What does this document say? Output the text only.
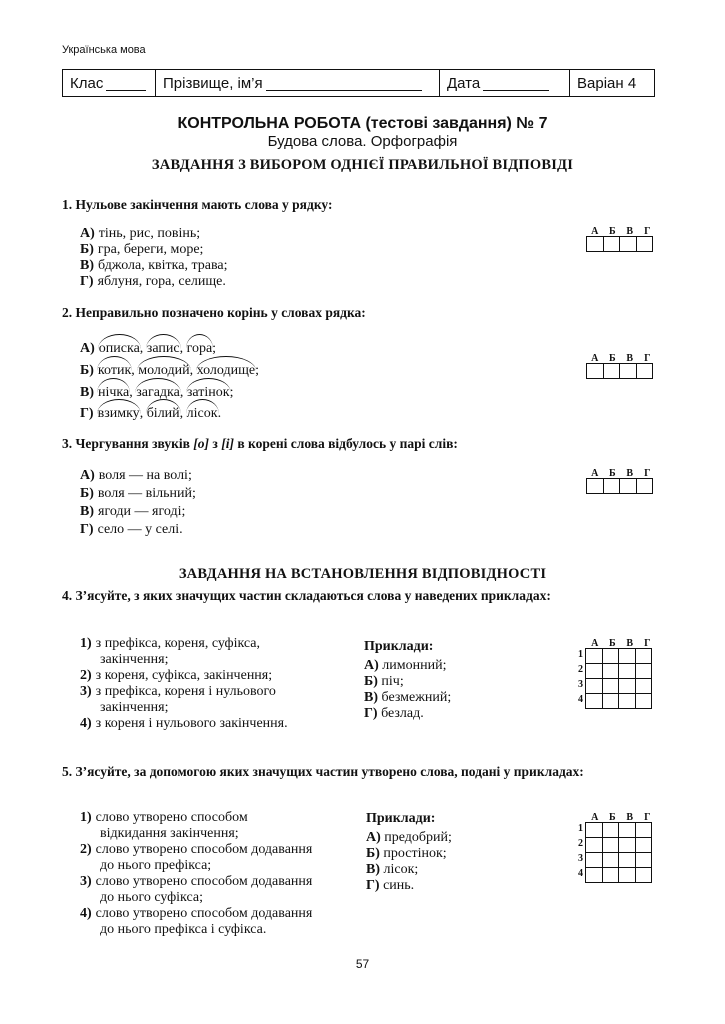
Українська мова
Клас	Прізвище, ім’я	Дата	Варіан 4
КОНТРОЛЬНА РОБОТА (тестові завдання) № 7
Будова слова. Орфографія
ЗАВДАННЯ З ВИБОРОМ ОДНІЄЇ ПРАВИЛЬНОЇ ВІДПОВІДІ
1. Нульове закінчення мають слова у рядку:
А) тінь, рис, повінь;
Б) гра, береги, море;
В) бджола, квітка, трава;
Г) яблуня, гора, селище.
А	Б	В	Г
2. Неправильно позначено корінь у словах рядка:
А) описка, запис, гора;
Б) котик, молодий, холодище;
В) нічка, загадка, затінок;
Г) взимку, білий, лісок.
А	Б	В	Г
3. Чергування звуків [о] з [і] в корені слова відбулось у парі слів:
А) воля — на волі;
Б) воля — вільний;
В) ягоди — ягоді;
Г) село — у селі.
А	Б	В	Г
ЗАВДАННЯ НА ВСТАНОВЛЕННЯ ВІДПОВІДНОСТІ
4. З’ясуйте, з яких значущих частин складаються слова у наведених прикладах:
1) з префікса, кореня, суфікса,
закінчення;
2) з кореня, суфікса, закінчення;
3) з префікса, кореня і нульового
закінчення;
4) з кореня і нульового закінчення.
Приклади:
А) лимонний;
Б) піч;
В) безмежний;
Г) безлад.
А	Б	В	Г
1
2
3
4
5. З’ясуйте, за допомогою яких значущих частин утворено слова, подані у прикладах:
1) слово утворено способом
відкидання закінчення;
2) слово утворено способом додавання
до нього префікса;
3) слово утворено способом додавання
до нього суфікса;
4) слово утворено способом додавання
до нього префікса і суфікса.
Приклади:
А) предобрий;
Б) простінок;
В) лісок;
Г) синь.
А	Б	В	Г
1
2
3
4
57
